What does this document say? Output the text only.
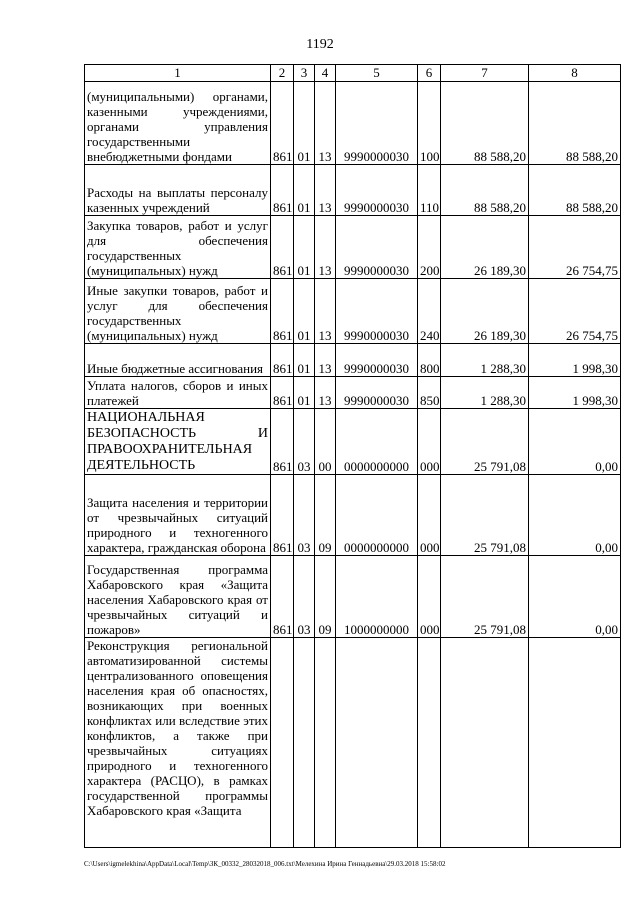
1192
1	2	3	4	5	6	7	8
(муниципальными) органами, казенными учреждениями, органами управления государственными внебюджетными фондами	861	01	13	9990000030	100	88 588,20	88 588,20
Расходы на выплаты персоналу казенных учреждений	861	01	13	9990000030	110	88 588,20	88 588,20
Закупка товаров, работ и услуг для обеспечения государственных (муниципальных) нужд	861	01	13	9990000030	200	26 189,30	26 754,75
Иные закупки товаров, работ и услуг для обеспечения государственных (муниципальных) нужд	861	01	13	9990000030	240	26 189,30	26 754,75
Иные бюджетные ассигнования	861	01	13	9990000030	800	1 288,30	1 998,30
Уплата налогов, сборов и иных платежей	861	01	13	9990000030	850	1 288,30	1 998,30
НАЦИОНАЛЬНАЯ БЕЗОПАСНОСТЬ И ПРАВООХРАНИТЕЛЬНАЯ ДЕЯТЕЛЬНОСТЬ	861	03	00	0000000000	000	25 791,08	0,00
Защита населения и территории от чрезвычайных ситуаций природного и техногенного характера, гражданская оборона	861	03	09	0000000000	000	25 791,08	0,00
Государственная программа Хабаровского края «Защита населения Хабаровского края от чрезвычайных ситуаций и пожаров»	861	03	09	1000000000	000	25 791,08	0,00
Реконструкция региональной автоматизированной системы централизованного оповещения населения края об опасностях, возникающих при военных конфликтах или вследствие этих конфликтов, а также при чрезвычайных ситуациях природного и техногенного характера (РАСЦО), в рамках государственной программы Хабаровского края «Защита							
C:\Users\igmelekhina\AppData\Local\Temp\ЗК_00332_28032018_006.txt\Мелехина Ирина Геннадьевна\29.03.2018 15:58:02
